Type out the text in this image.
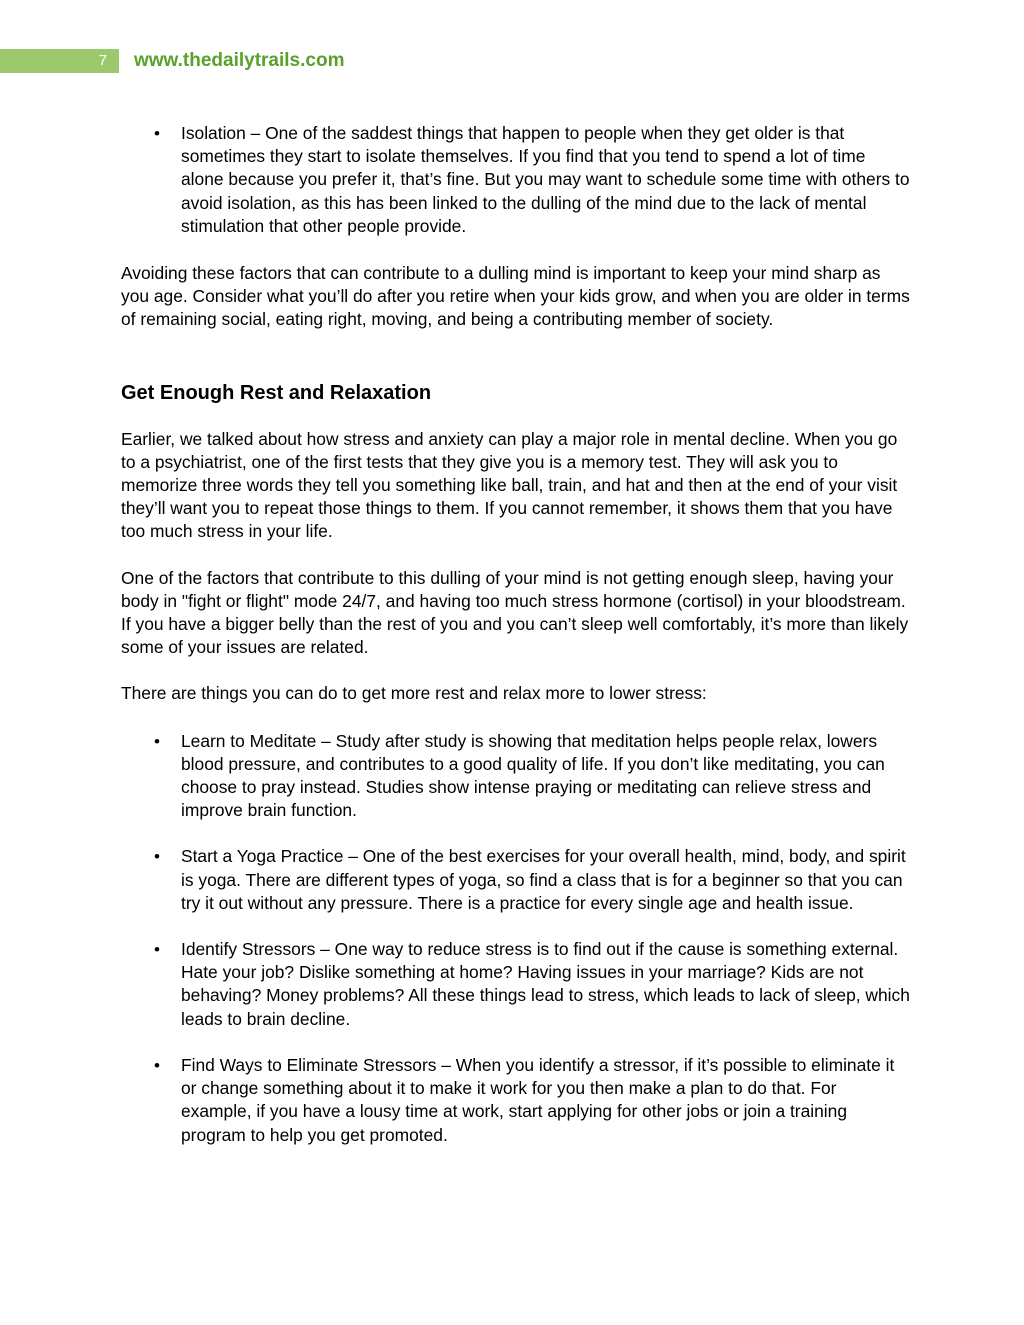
7	www.thedailytrails.com
• Isolation – One of the saddest things that happen to people when they get older is that sometimes they start to isolate themselves. If you find that you tend to spend a lot of time alone because you prefer it, that’s fine. But you may want to schedule some time with others to avoid isolation, as this has been linked to the dulling of the mind due to the lack of mental stimulation that other people provide.

Avoiding these factors that can contribute to a dulling mind is important to keep your mind sharp as you age. Consider what you’ll do after you retire when your kids grow, and when you are older in terms of remaining social, eating right, moving, and being a contributing member of society.

Get Enough Rest and Relaxation

Earlier, we talked about how stress and anxiety can play a major role in mental decline. When you go to a psychiatrist, one of the first tests that they give you is a memory test. They will ask you to memorize three words they tell you something like ball, train, and hat and then at the end of your visit they’ll want you to repeat those things to them. If you cannot remember, it shows them that you have too much stress in your life.

One of the factors that contribute to this dulling of your mind is not getting enough sleep, having your body in "fight or flight" mode 24/7, and having too much stress hormone (cortisol) in your bloodstream. If you have a bigger belly than the rest of you and you can’t sleep well comfortably, it’s more than likely some of your issues are related.

There are things you can do to get more rest and relax more to lower stress:

• Learn to Meditate – Study after study is showing that meditation helps people relax, lowers blood pressure, and contributes to a good quality of life. If you don’t like meditating, you can choose to pray instead. Studies show intense praying or meditating can relieve stress and improve brain function.
• Start a Yoga Practice – One of the best exercises for your overall health, mind, body, and spirit is yoga. There are different types of yoga, so find a class that is for a beginner so that you can try it out without any pressure. There is a practice for every single age and health issue.
• Identify Stressors – One way to reduce stress is to find out if the cause is something external. Hate your job? Dislike something at home? Having issues in your marriage? Kids are not behaving? Money problems? All these things lead to stress, which leads to lack of sleep, which leads to brain decline.
• Find Ways to Eliminate Stressors – When you identify a stressor, if it’s possible to eliminate it or change something about it to make it work for you then make a plan to do that. For example, if you have a lousy time at work, start applying for other jobs or join a training program to help you get promoted.
